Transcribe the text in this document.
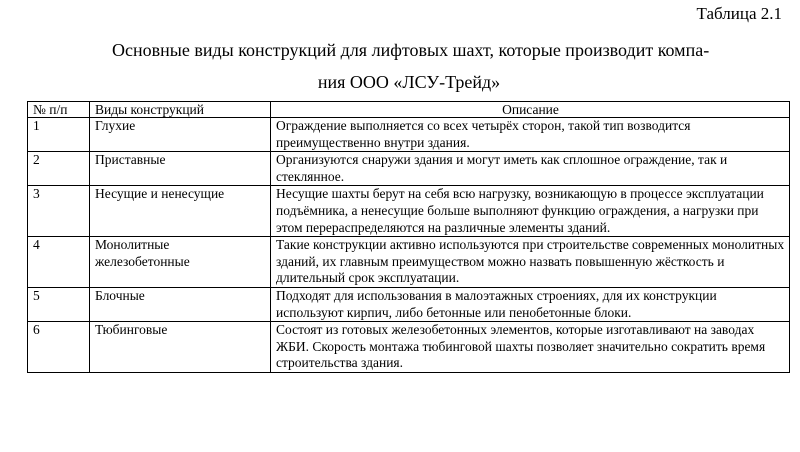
Таблица 2.1
Основные виды конструкций для лифтовых шахт, которые производит компа-
ния ООО «ЛСУ-Трейд»
№ п/п	Виды конструкций	Описание
1	Глухие	Ограждение выполняется со всех четырёх сторон, такой тип возводится преимущественно внутри здания.
2	Приставные	Организуются снаружи здания и могут иметь как сплошное ограждение, так и стеклянное.
3	Несущие и ненесущие	Несущие шахты берут на себя всю нагрузку, возникающую в процессе эксплуатации подъёмника, а ненесущие больше выполняют функцию ограждения, а нагрузки при этом перераспределяются на различные элементы зданий.
4	Монолитные железобетонные	Такие конструкции активно используются при строительстве современных монолитных зданий, их главным преимуществом можно назвать повышенную жёсткость и длительный срок эксплуатации.
5	Блочные	Подходят для использования в малоэтажных строениях, для их конструкции используют кирпич, либо бетонные или пенобетонные блоки.
6	Тюбинговые	Состоят из готовых железобетонных элементов, которые изготавливают на заводах ЖБИ. Скорость монтажа тюбинговой шахты позволяет значительно сократить время строительства здания.
